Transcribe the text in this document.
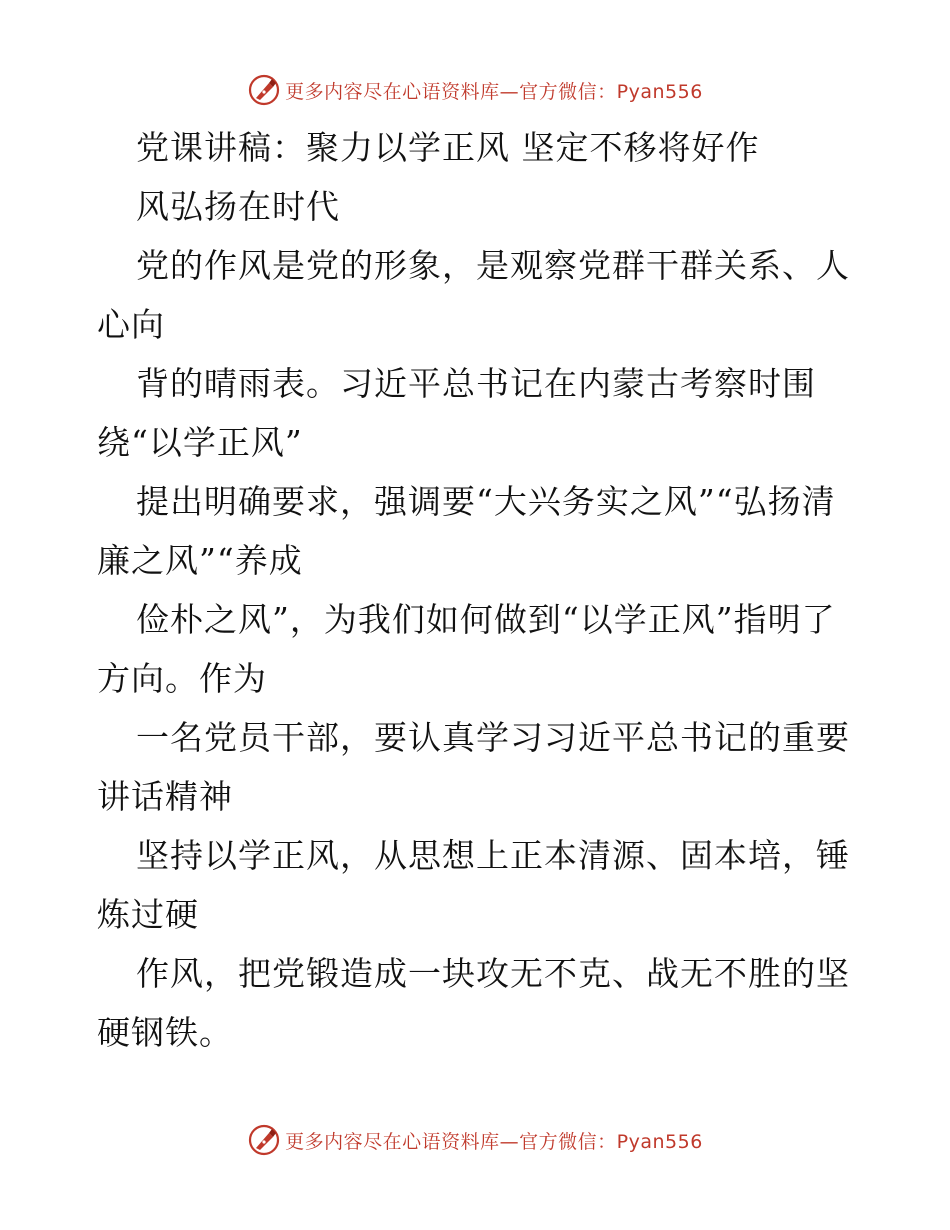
更多内容尽在心语资料库—官方微信：Pyan556

党课讲稿：聚力以学正风 坚定不移将好作

风弘扬在时代

党的作风是党的形象，是观察党群干群关系、人心向

背的晴雨表。习近平总书记在内蒙古考察时围绕“以学正风”

提出明确要求，强调要“大兴务实之风”“弘扬清廉之风”“养成

俭朴之风”，为我们如何做到“以学正风”指明了方向。作为

一名党员干部，要认真学习习近平总书记的重要讲话精神

坚持以学正风，从思想上正本清源、固本培，锤炼过硬

作风，把党锻造成一块攻无不克、战无不胜的坚硬钢铁。

更多内容尽在心语资料库—官方微信：Pyan556
